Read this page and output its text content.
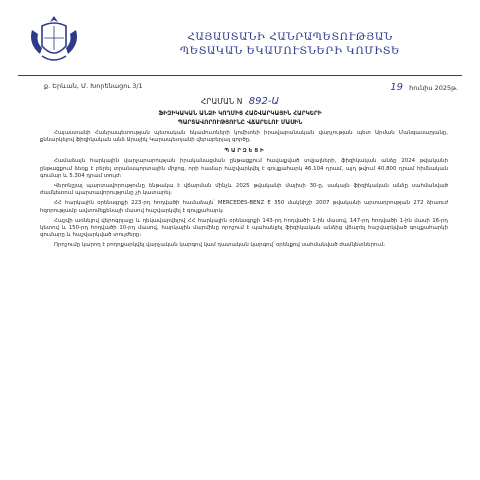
ՀԱՅԱՍՏԱՆԻ ՀԱՆՐԱՊԵՏՈՒԹՅԱՆ
ՊԵՏԱԿԱՆ ԵԿԱՄՈՒՏՆԵՐԻ ԿՈՄԻՏԵ
ք. Երևան, Մ. Խորենացու 3/1	19 հունիս 2025թ.
ՀՐԱՄԱՆ N 892-Ա
ՖԻԶԻԿԱԿԱՆ ԱՆՁԻ ԿՈՂՄԻՑ ՀԱՇՎԱՐԿԱՅԻՆ ՀԱՐԿԵՐԻ
ՊԱՐՏԱՎՈՐՈՒԹՅՈՒՆԸ ՎՃԱՐԵԼՈՒ ՄԱՍԻՆ

Հայաստանի Հանրապետության պետական եկամուտների կոմիտեի իրավաբանական վարչության պետ Արման Մանգասարյանը, քննարկելով ֆիզիկական անձ Արայիկ Կարապետյանի վերաբերյալ գործը,

Պ Ա Ր Զ Ե Ց Ի

Համաձայն հարկային վարչարարության իրականացման ընթացքում հավաքված տվյալների, ֆիզիկական անձը 2024 թվականի ընթացքում ձեռք է բերել տրանսպորտային միջոց, որի համար հաշվարկվել է գույքահարկ 46.104 դրամ, այդ թվում 40.800 դրամ հիմնական գումար և 5.304 դրամ տույժ։

Վերոնշյալ պարտավորությունը ենթակա է վճարման մինչև 2025 թվականի մայիսի 30-ը, սակայն ֆիզիկական անձը սահմանված ժամկետում պարտավորությունը չի կատարել։

ՀՀ հարկային օրենսգրքի 223-րդ հոդվածի համաձայն՝ MERCEDES-BENZ E 350 մակնիշի 2007 թվականի արտադրության 272 ձիաուժ հզորությամբ ավտոմեքենայի մասով հաշվարկվել է գույքահարկ։

Հաշվի առնելով վերոգրյալը և ղեկավարվելով ՀՀ հարկային օրենսգրքի 143-րդ հոդվածի 1-ին մասով, 147-րդ հոդվածի 1-ին մասի 16-րդ կետով և 150-րդ հոդվածի 10-րդ մասով, հարկային մարմինը որոշում է պահանջել ֆիզիկական անձից վճարել հաշվարկված գույքահարկի գումարը և հաշվարկված տույժերը։

Որոշումը կարող է բողոքարկվել վարչական կարգով կամ դատական կարգով՝ օրենքով սահմանված ժամկետներում։
